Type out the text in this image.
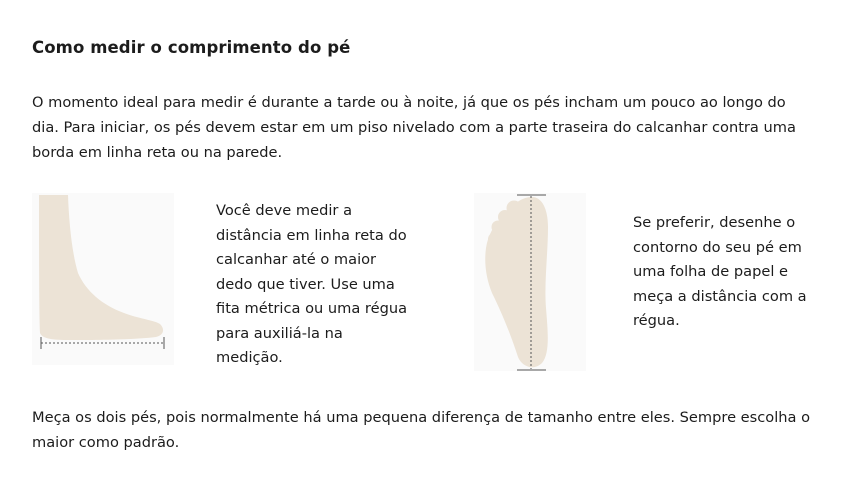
Como medir o comprimento do pé

O momento ideal para medir é durante a tarde ou à noite, já que os pés incham um pouco ao longo do dia. Para iniciar, os pés devem estar em um piso nivelado com a parte traseira do calcanhar contra uma borda em linha reta ou na parede.

Você deve medir a distância em linha reta do calcanhar até o maior dedo que tiver. Use uma fita métrica ou uma régua para auxiliá-la na medição.

Se preferir, desenhe o contorno do seu pé em uma folha de papel e meça a distância com a régua.

Meça os dois pés, pois normalmente há uma pequena diferença de tamanho entre eles. Sempre escolha o maior como padrão.
